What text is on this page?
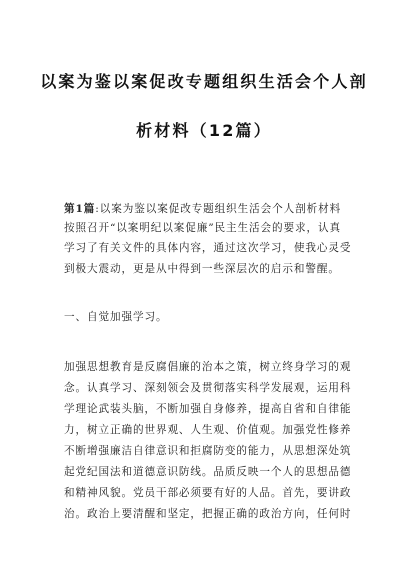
以案为鉴以案促改专题组织生活会个人剖
析材料（12篇）
第1篇:以案为鉴以案促改专题组织生活会个人剖析材料
按照召开“以案明纪以案促廉”民主生活会的要求，认真
学习了有关文件的具体内容，通过这次学习，使我心灵受
到极大震动，更是从中得到一些深层次的启示和警醒。
一、自觉加强学习。
加强思想教育是反腐倡廉的治本之策，树立终身学习的观
念。认真学习、深刻领会及贯彻落实科学发展观，运用科
学理论武装头脑，不断加强自身修养，提高自省和自律能
力，树立正确的世界观、人生观、价值观。加强党性修养
不断增强廉洁自律意识和拒腐防变的能力，从思想深处筑
起党纪国法和道德意识防线。品质反映一个人的思想品德
和精神风貌。党员干部必须要有好的人品。首先，要讲政
治。政治上要清醒和坚定，把握正确的政治方向，任何时
